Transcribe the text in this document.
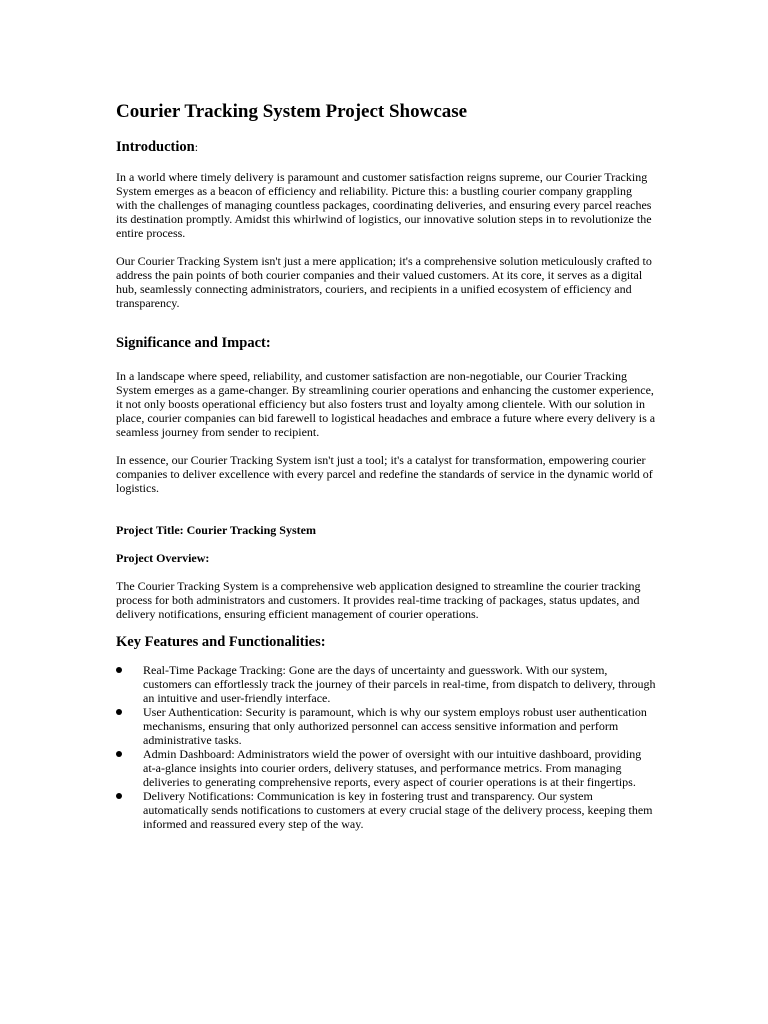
Courier Tracking System Project Showcase
Introduction:

In a world where timely delivery is paramount and customer satisfaction reigns supreme, our Courier Tracking System emerges as a beacon of efficiency and reliability. Picture this: a bustling courier company grappling with the challenges of managing countless packages, coordinating deliveries, and ensuring every parcel reaches its destination promptly. Amidst this whirlwind of logistics, our innovative solution steps in to revolutionize the entire process.

Our Courier Tracking System isn't just a mere application; it's a comprehensive solution meticulously crafted to address the pain points of both courier companies and their valued customers. At its core, it serves as a digital hub, seamlessly connecting administrators, couriers, and recipients in a unified ecosystem of efficiency and transparency.

Significance and Impact:

In a landscape where speed, reliability, and customer satisfaction are non-negotiable, our Courier Tracking System emerges as a game-changer. By streamlining courier operations and enhancing the customer experience, it not only boosts operational efficiency but also fosters trust and loyalty among clientele. With our solution in place, courier companies can bid farewell to logistical headaches and embrace a future where every delivery is a seamless journey from sender to recipient.

In essence, our Courier Tracking System isn't just a tool; it's a catalyst for transformation, empowering courier companies to deliver excellence with every parcel and redefine the standards of service in the dynamic world of logistics.

Project Title: Courier Tracking System
Project Overview:

The Courier Tracking System is a comprehensive web application designed to streamline the courier tracking process for both administrators and customers. It provides real-time tracking of packages, status updates, and delivery notifications, ensuring efficient management of courier operations.

Key Features and Functionalities:
Real-Time Package Tracking: Gone are the days of uncertainty and guesswork. With our system, customers can effortlessly track the journey of their parcels in real-time, from dispatch to delivery, through an intuitive and user-friendly interface.
User Authentication: Security is paramount, which is why our system employs robust user authentication mechanisms, ensuring that only authorized personnel can access sensitive information and perform administrative tasks.
Admin Dashboard: Administrators wield the power of oversight with our intuitive dashboard, providing at-a-glance insights into courier orders, delivery statuses, and performance metrics. From managing deliveries to generating comprehensive reports, every aspect of courier operations is at their fingertips.
Delivery Notifications: Communication is key in fostering trust and transparency. Our system automatically sends notifications to customers at every crucial stage of the delivery process, keeping them informed and reassured every step of the way.
